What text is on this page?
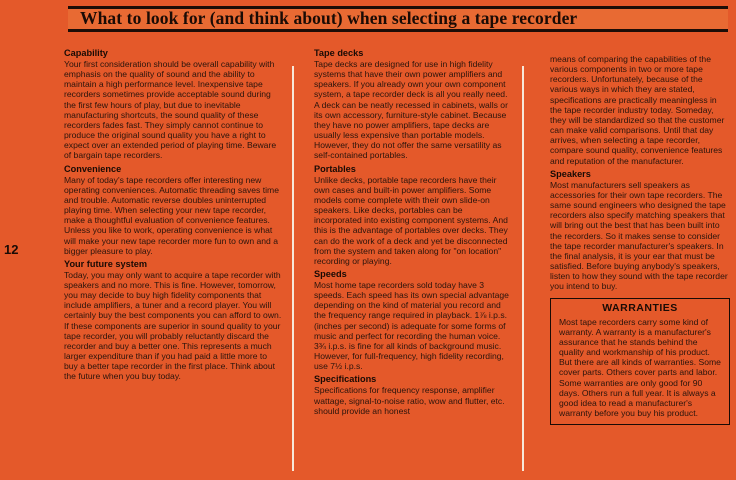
What to look for (and think about) when selecting a tape recorder
12
Capability

Your first consideration should be overall capability with emphasis on the quality of sound and the ability to maintain a high performance level. Inexpensive tape recorders sometimes provide acceptable sound during the first few hours of play, but due to inevitable manufacturing shortcuts, the sound quality of these recorders fades fast. They simply cannot continue to produce the original sound quality you have a right to expect over an extended period of playing time. Beware of bargain tape recorders.

Convenience

Many of today's tape recorders offer interesting new operating conveniences. Automatic threading saves time and trouble. Automatic reverse doubles uninterrupted playing time. When selecting your new tape recorder, make a thoughtful evaluation of convenience features. Unless you like to work, operating convenience is what will make your new tape recorder more fun to own and a bigger pleasure to play.

Your future system

Today, you may only want to acquire a tape recorder with speakers and no more. This is fine. However, tomorrow, you may decide to buy high fidelity components that include amplifiers, a tuner and a record player. You will certainly buy the best components you can afford to own. If these components are superior in sound quality to your tape recorder, you will probably reluctantly discard the recorder and buy a better one. This represents a much larger expenditure than if you had paid a little more to buy a better tape recorder in the first place. Think about the future when you buy today.

Tape decks

Tape decks are designed for use in high fidelity systems that have their own power amplifiers and speakers. If you already own your own component system, a tape recorder deck is all you really need. A deck can be neatly recessed in cabinets, walls or its own accessory, furniture-style cabinet. Because they have no power amplifiers, tape decks are usually less expensive than portable models. However, they do not offer the same versatility as self-contained portables.

Portables

Unlike decks, portable tape recorders have their own cases and built-in power amplifiers. Some models come complete with their own slide-on speakers. Like decks, portables can be incorporated into existing component systems. And this is the advantage of portables over decks. They can do the work of a deck and yet be disconnected from the system and taken along for "on location" recording or playing.

Speeds

Most home tape recorders sold today have 3 speeds. Each speed has its own special advantage depending on the kind of material you record and the frequency range required in playback. 1⅞ i.p.s. (inches per second) is adequate for some forms of music and perfect for recording the human voice. 3¾ i.p.s. is fine for all kinds of background music. However, for full-frequency, high fidelity recording, use 7½ i.p.s.

Specifications

Specifications for frequency response, amplifier wattage, signal-to-noise ratio, wow and flutter, etc. should provide an honest

means of comparing the capabilities of the various components in two or more tape recorders. Unfortunately, because of the various ways in which they are stated, specifications are practically meaningless in the tape recorder industry today. Someday, they will be standardized so that the customer can make valid comparisons. Until that day arrives, when selecting a tape recorder, compare sound quality, convenience features and reputation of the manufacturer.

Speakers

Most manufacturers sell speakers as accessories for their own tape recorders. The same sound engineers who designed the tape recorders also specify matching speakers that will bring out the best that has been built into the recorders. So it makes sense to consider the tape recorder manufacturer's speakers. In the final analysis, it is your ear that must be satisfied. Before buying anybody's speakers, listen to how they sound with the tape recorder you intend to buy.

WARRANTIES
Most tape recorders carry some kind of warranty. A warranty is a manufacturer's assurance that he stands behind the quality and workmanship of his product. But there are all kinds of warranties. Some cover parts. Others cover parts and labor. Some warranties are only good for 90 days. Others run a full year. It is always a good idea to read a manufacturer's warranty before you buy his product.
